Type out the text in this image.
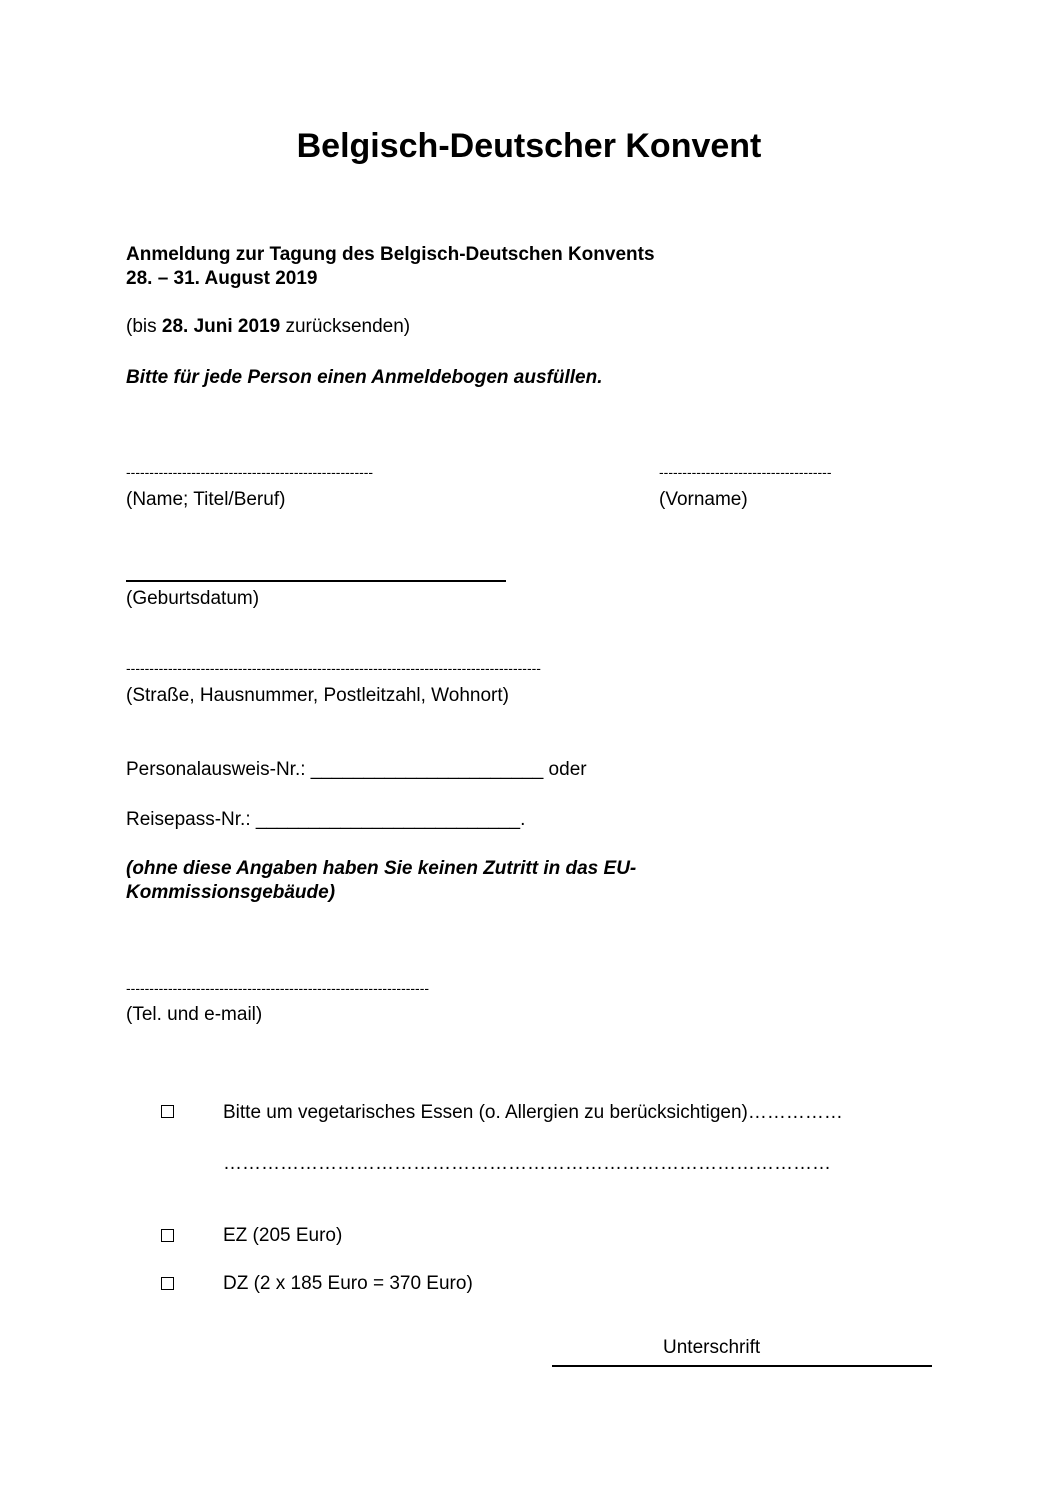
Belgisch-Deutscher Konvent
Anmeldung zur Tagung des Belgisch-Deutschen Konvents
28. – 31. August 2019
(bis 28. Juni 2019 zurücksenden)
Bitte für jede Person einen Anmeldebogen ausfüllen.
-----------------------------------------------------
(Name; Titel/Beruf)
-------------------------------------
(Vorname)
(Geburtsdatum)
-----------------------------------------------------------------------------------------
(Straße, Hausnummer, Postleitzahl, Wohnort)
Personalausweis-Nr.: ______________________ oder
Reisepass-Nr.: _________________________.
(ohne diese Angaben haben Sie keinen Zutritt in das EU-
Kommissionsgebäude)
-----------------------------------------------------------------
(Tel. und e-mail)
Bitte um vegetarisches Essen (o. Allergien zu berücksichtigen)……………
……………………………………………………………………………………
EZ (205 Euro)
DZ (2 x 185 Euro = 370 Euro)
Unterschrift
